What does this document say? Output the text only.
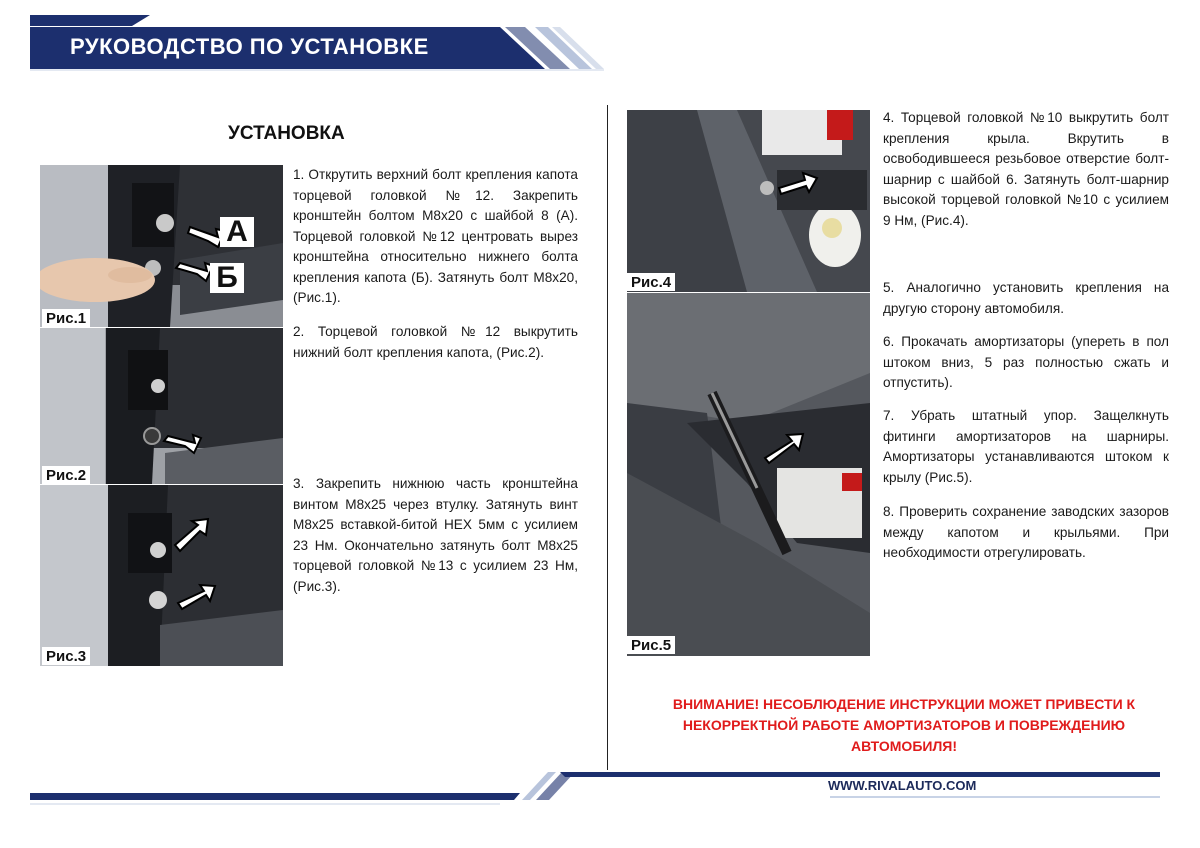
РУКОВОДСТВО ПО УСТАНОВКЕ
УСТАНОВКА
А
Б
Рис.1
Рис.2
Рис.3
Рис.4
Рис.5
1. Открутить верхний болт крепления капота торцевой головкой №12. Закрепить кронштейн болтом М8х20 с шайбой 8 (А). Торцевой головкой №12 центровать вырез кронштейна относительно нижнего болта крепления капота (Б). Затянуть болт М8х20, (Рис.1).
2. Торцевой головкой №12 выкрутить нижний болт крепления капота, (Рис.2).
3. Закрепить нижнюю часть кронштейна винтом М8х25 через втулку. Затянуть винт М8х25 вставкой-битой HEX 5мм с усилием 23 Нм. Окончательно затянуть болт М8х25 торцевой головкой №13 с усилием 23 Нм, (Рис.3).
4. Торцевой головкой №10 выкрутить болт крепления крыла. Вкрутить в освободившееся резьбовое отверстие болт-шарнир с шайбой 6. Затянуть болт-шарнир высокой торцевой головкой №10 с усилием 9 Нм, (Рис.4).
5. Аналогично установить крепления на другую сторону автомобиля.
6. Прокачать амортизаторы (упереть в пол штоком вниз, 5 раз полностью сжать и отпустить).
7. Убрать штатный упор. Защелкнуть фитинги амортизаторов на шарниры. Амортизаторы устанавливаются штоком к крылу (Рис.5).
8. Проверить сохранение заводских зазоров между капотом и крыльями. При необходимости отрегулировать.
ВНИМАНИЕ! НЕСОБЛЮДЕНИЕ ИНСТРУКЦИИ МОЖЕТ ПРИВЕСТИ К НЕКОРРЕКТНОЙ РАБОТЕ АМОРТИЗАТОРОВ И ПОВРЕЖДЕНИЮ АВТОМОБИЛЯ!
WWW.RIVALAUTO.COM
